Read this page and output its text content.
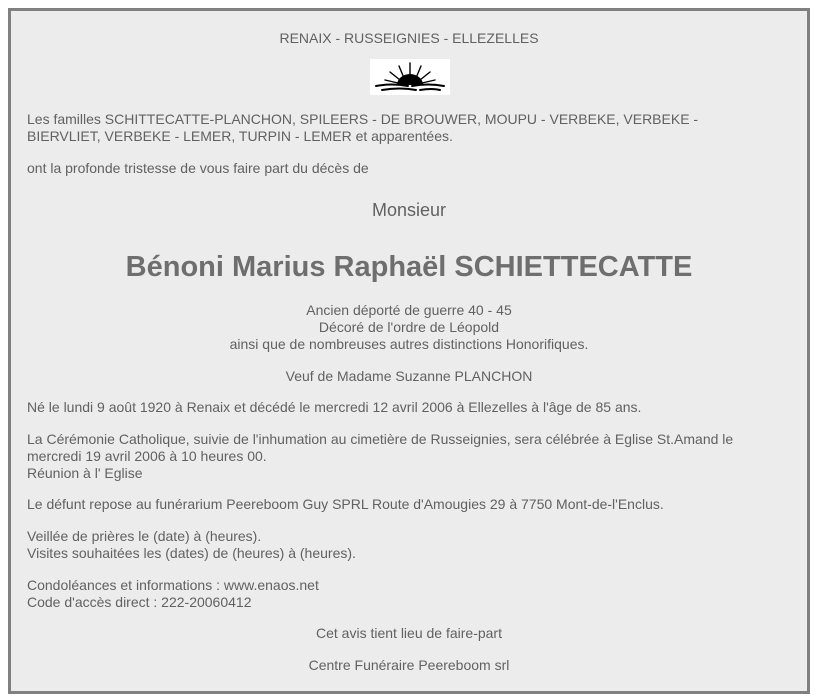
RENAIX - RUSSEIGNIES - ELLEZELLES
Les familles SCHITTECATTE-PLANCHON, SPILEERS - DE BROUWER, MOUPU - VERBEKE, VERBEKE -
BIERVLIET, VERBEKE - LEMER, TURPIN - LEMER et apparentées.
ont la profonde tristesse de vous faire part du décès de
Monsieur
Bénoni Marius Raphaël SCHIETTECATTE
Ancien déporté de guerre 40 - 45
Décoré de l'ordre de Léopold
ainsi que de nombreuses autres distinctions Honorifiques.
Veuf de Madame Suzanne PLANCHON
Né le lundi 9 août 1920 à Renaix et décédé le mercredi 12 avril 2006 à Ellezelles à l'âge de 85 ans.
La Cérémonie Catholique, suivie de l'inhumation au cimetière de Russeignies, sera célébrée à Eglise St.Amand le
mercredi 19 avril 2006 à 10 heures 00.
Réunion à l' Eglise
Le défunt repose au funérarium Peereboom Guy SPRL Route d'Amougies 29 à 7750 Mont-de-l'Enclus.
Veillée de prières le (date) à (heures).
Visites souhaitées les (dates) de (heures) à (heures).
Condoléances et informations : www.enaos.net
Code d'accès direct : 222-20060412
Cet avis tient lieu de faire-part
Centre Funéraire Peereboom srl
